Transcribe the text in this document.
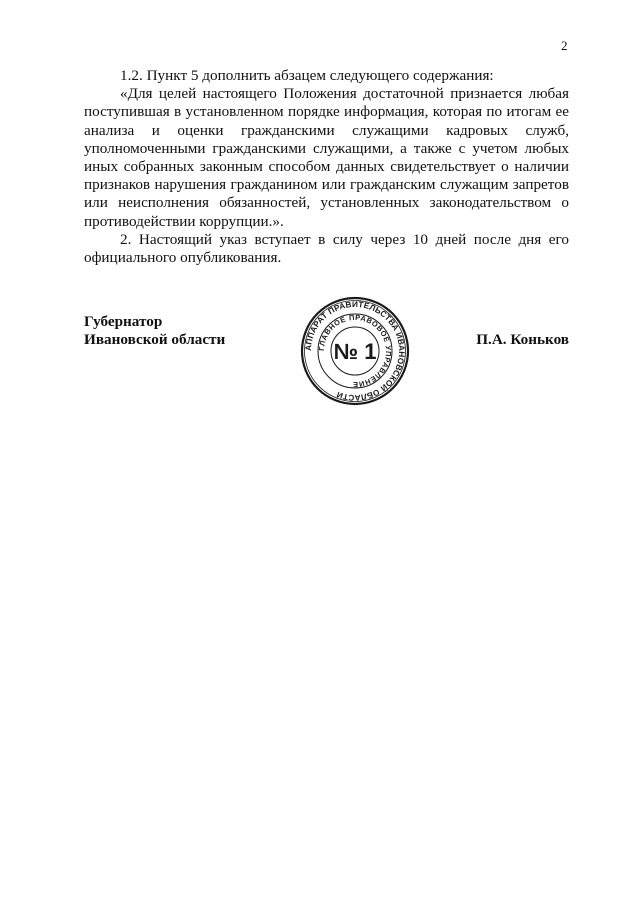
2

1.2. Пункт 5 дополнить абзацем следующего содержания:

«Для целей настоящего Положения достаточной признается любая поступившая в установленном порядке информация, которая по итогам ее анализа и оценки гражданскими служащими кадровых служб, уполномоченными гражданскими служащими, а также с учетом любых иных собранных законным способом данных свидетельствует о наличии признаков нарушения гражданином или гражданским служащим запретов или неисполнения обязанностей, установленных законодательством о противодействии коррупции.».

2. Настоящий указ вступает в силу через 10 дней после дня его официального опубликования.

Губернатор
Ивановской области	АППАРАТ ПРАВИТЕЛЬСТВА ИВАНОВСКОЙ ОБЛАСТИ
ГЛАВНОЕ ПРАВОВОЕ УПРАВЛЕНИЕ
№ 1	П.А. Коньков
